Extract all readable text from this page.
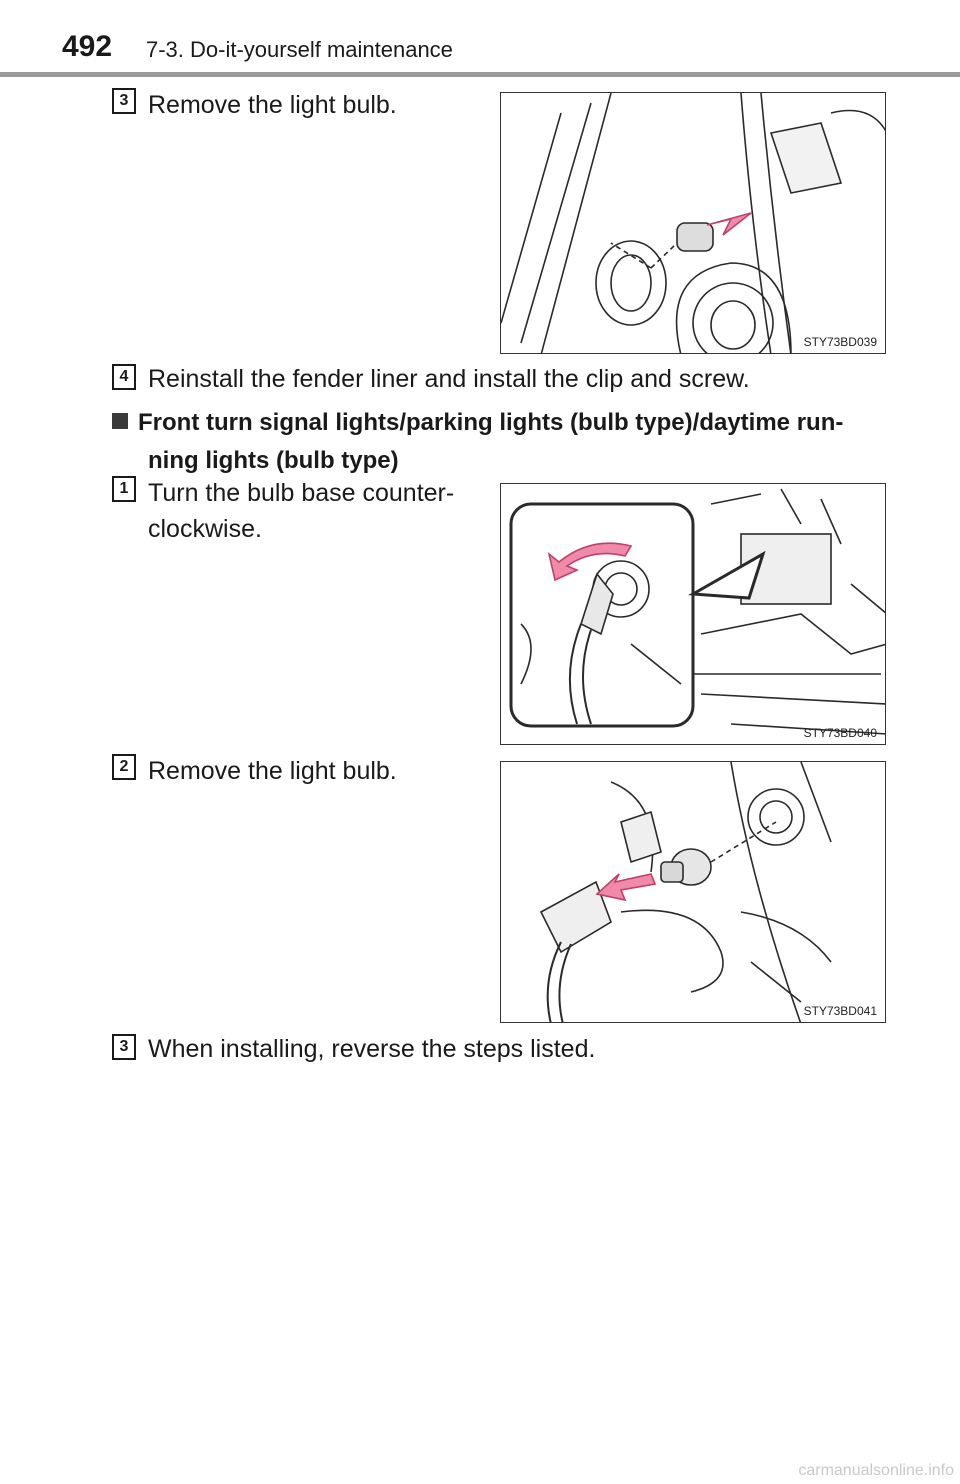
492 7-3. Do-it-yourself maintenance
3 Remove the light bulb.
STY73BD039
4 Reinstall the fender liner and install the clip and screw.
Front turn signal lights/parking lights (bulb type)/daytime run-
ning lights (bulb type)
1 Turn the bulb base counter-
clockwise.
STY73BD040
2 Remove the light bulb.
STY73BD041
3 When installing, reverse the steps listed.
carmanualsonline.info
